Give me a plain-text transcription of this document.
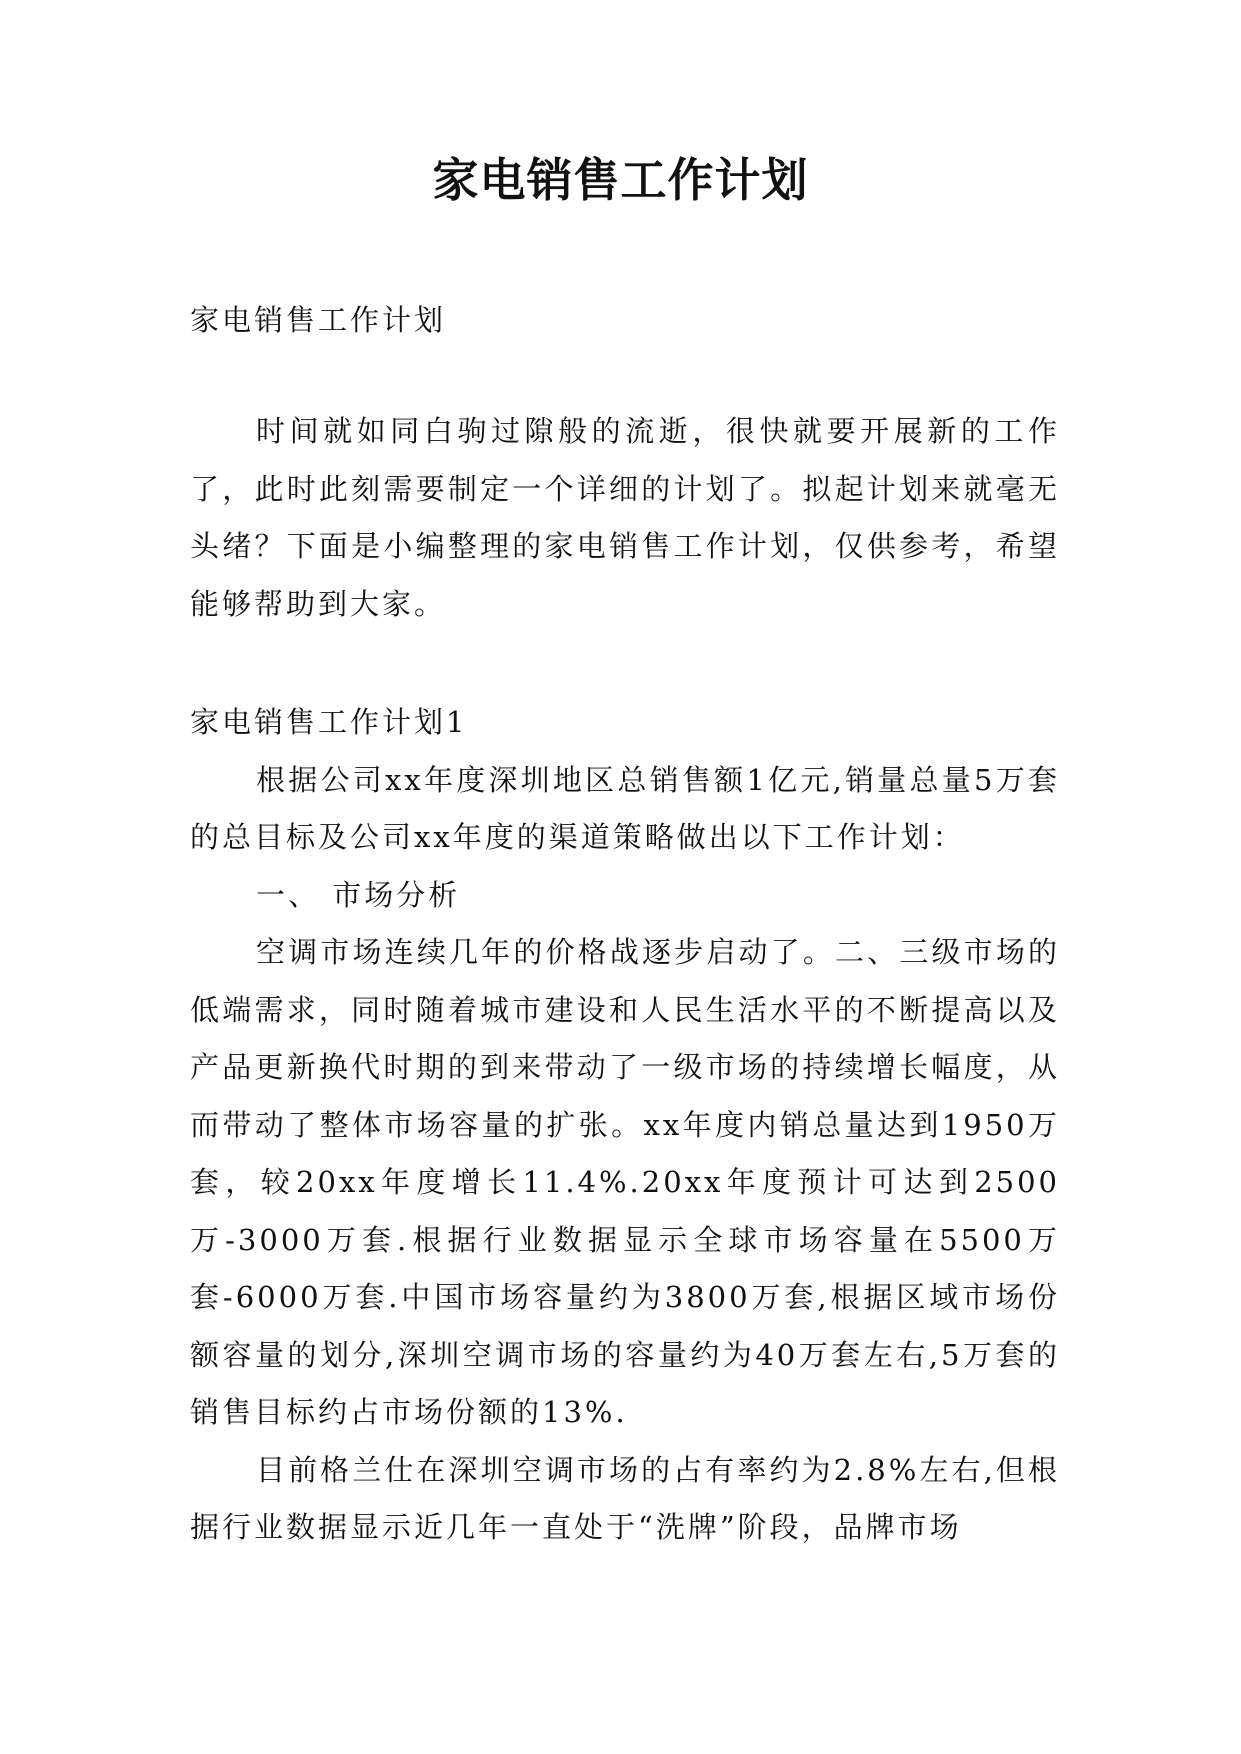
家电销售工作计划
家电销售工作计划
时间就如同白驹过隙般的流逝，很快就要开展新的工作了，此时此刻需要制定一个详细的计划了。拟起计划来就毫无头绪？下面是小编整理的家电销售工作计划，仅供参考，希望能够帮助到大家。

家电销售工作计划1

根据公司xx年度深圳地区总销售额1亿元,销量总量5万套的总目标及公司xx年度的渠道策略做出以下工作计划：

一、 市场分析

空调市场连续几年的价格战逐步启动了。二、三级市场的低端需求，同时随着城市建设和人民生活水平的不断提高以及产品更新换代时期的到来带动了一级市场的持续增长幅度，从而带动了整体市场容量的扩张。xx年度内销总量达到1950万套，较20xx年度增长11.4%.20xx年度预计可达到2500万-3000万套.根据行业数据显示全球市场容量在5500万套-6000万套.中国市场容量约为3800万套,根据区域市场份额容量的划分,深圳空调市场的容量约为40万套左右,5万套的销售目标约占市场份额的13%.

目前格兰仕在深圳空调市场的占有率约为2.8%左右,但根据行业数据显示近几年一直处于“洗牌”阶段，品牌市场
